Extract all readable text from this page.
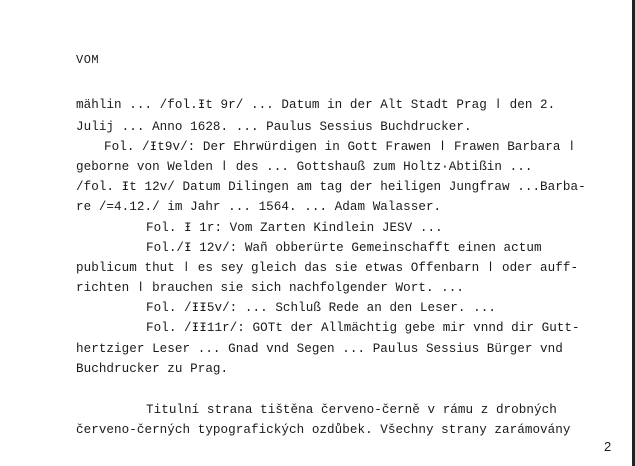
VOM
mählin ... /fol.Ɨt 9r/ ... Datum in der Alt Stadt Prag ǀ den 2.
Julij ... Anno 1628. ... Paulus Sessius Buchdrucker.
Fol. /Ɨt9v/: Der Ehrwürdigen in Gott Frawen ǀ Frawen Barbara ǀ
geborne von Welden ǀ des ... Gottshauß zum Holtz·Abtißin ...
/fol. Ɨt 12v/ Datum Dilingen am tag der heiligen Jungfraw ...Barba-
re /=4.12./ im Jahr ... 1564. ... Adam Walasser.
Fol. Ɨ 1r: Vom Zarten Kindlein JESV ...
Fol./Ɨ 12v/: Wañ obberürte Gemeinschafft einen actum
publicum thut ǀ es sey gleich das sie etwas Offenbarn ǀ oder auff-
richten ǀ brauchen sie sich nachfolgender Wort. ...
Fol. /ƗƗ5v/: ... Schluß Rede an den Leser. ...
Fol. /ƗƗ11r/: GOTt der Allmächtig gebe mir vnnd dir Gutt-
hertziger Leser ... Gnad vnd Segen ... Paulus Sessius Bürger vnd
Buchdrucker zu Prag.
Titulní strana tištěna červeno-černě v rámu z drobných
červeno-černých typografických ozdůbek. Všechny strany zarámovány
2
